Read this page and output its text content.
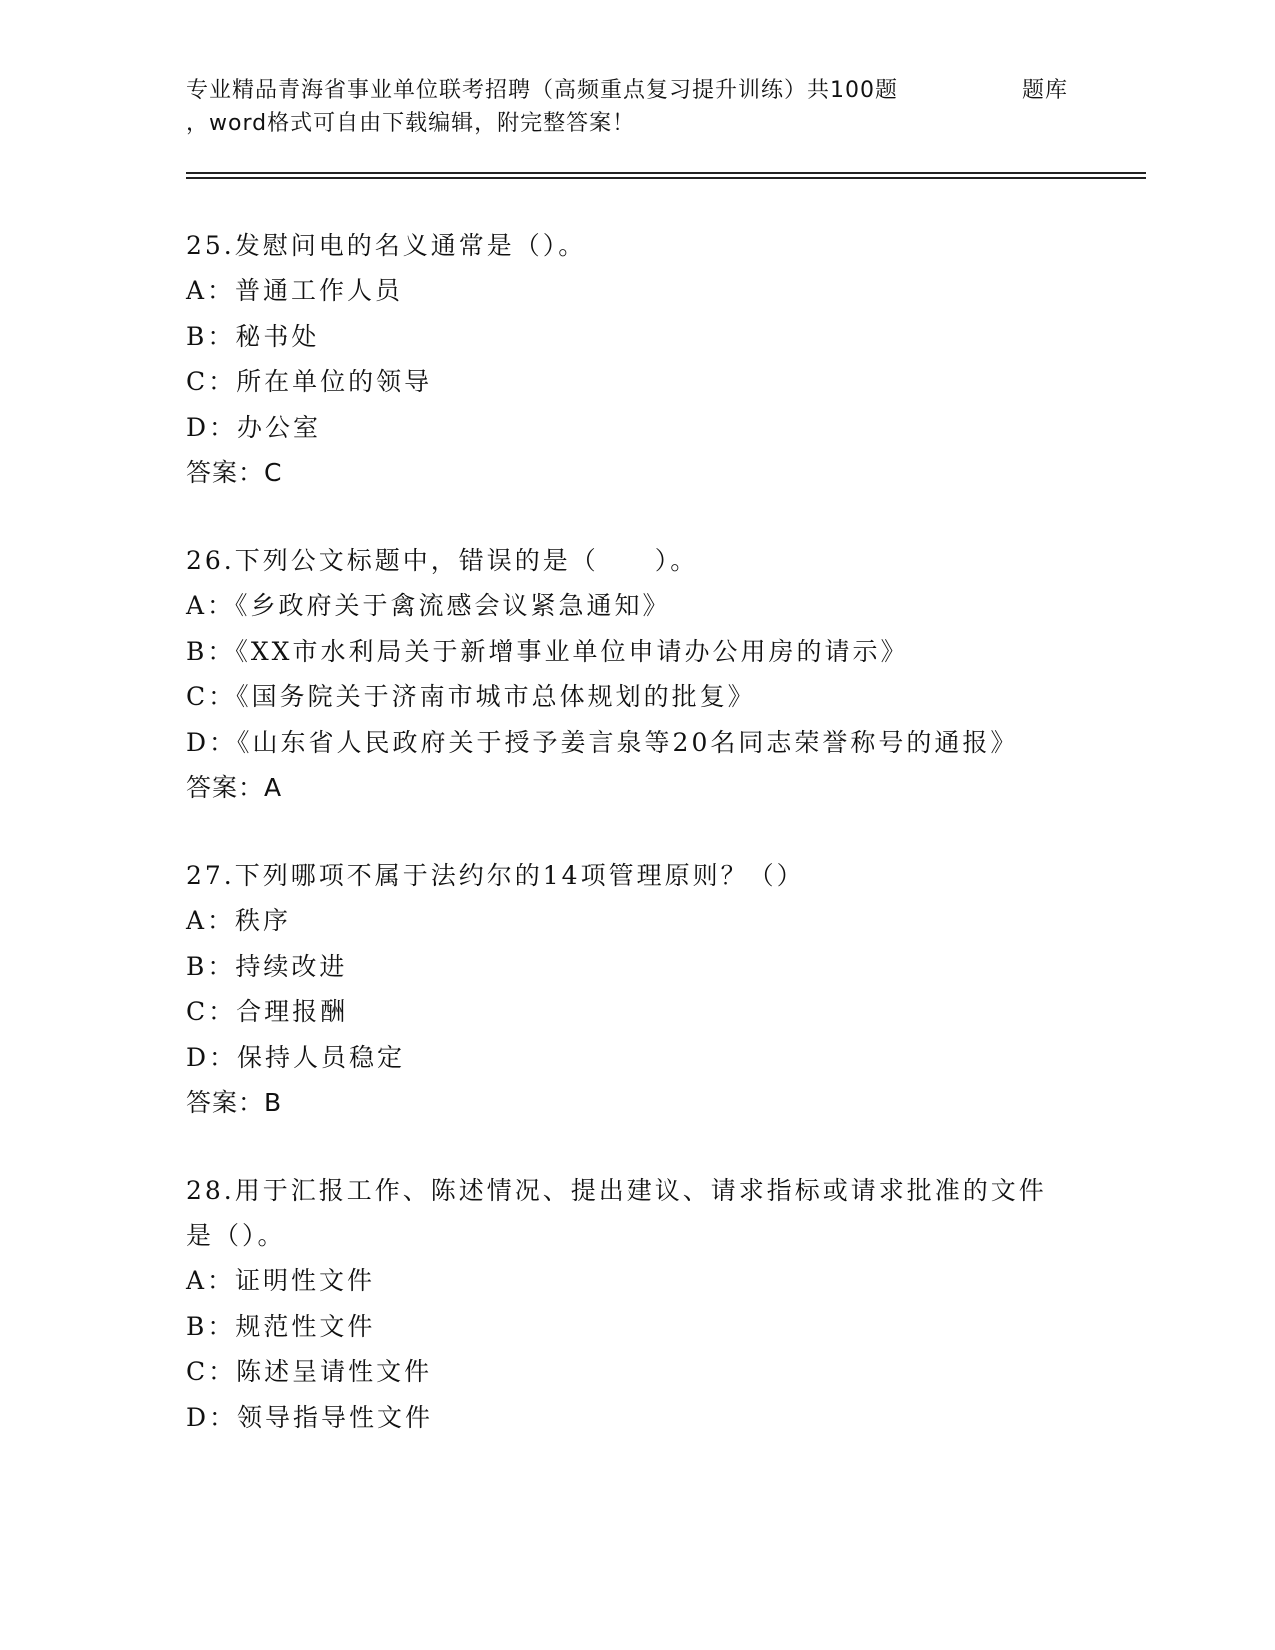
专业精品青海省事业单位联考招聘（高频重点复习提升训练）共100题	题库
，word格式可自由下载编辑，附完整答案！
25.发慰问电的名义通常是（）。
A：普通工作人员
B：秘书处
C：所在单位的领导
D：办公室
答案：C
26.下列公文标题中，错误的是（　　）。
A：《乡政府关于禽流感会议紧急通知》
B：《XX市水利局关于新增事业单位申请办公用房的请示》
C：《国务院关于济南市城市总体规划的批复》
D：《山东省人民政府关于授予姜言泉等20名同志荣誉称号的通报》
答案：A
27.下列哪项不属于法约尔的14项管理原则？（）
A：秩序
B：持续改进
C：合理报酬
D：保持人员稳定
答案：B
28.用于汇报工作、陈述情况、提出建议、请求指标或请求批准的文件是（）。
A：证明性文件
B：规范性文件
C：陈述呈请性文件
D：领导指导性文件
